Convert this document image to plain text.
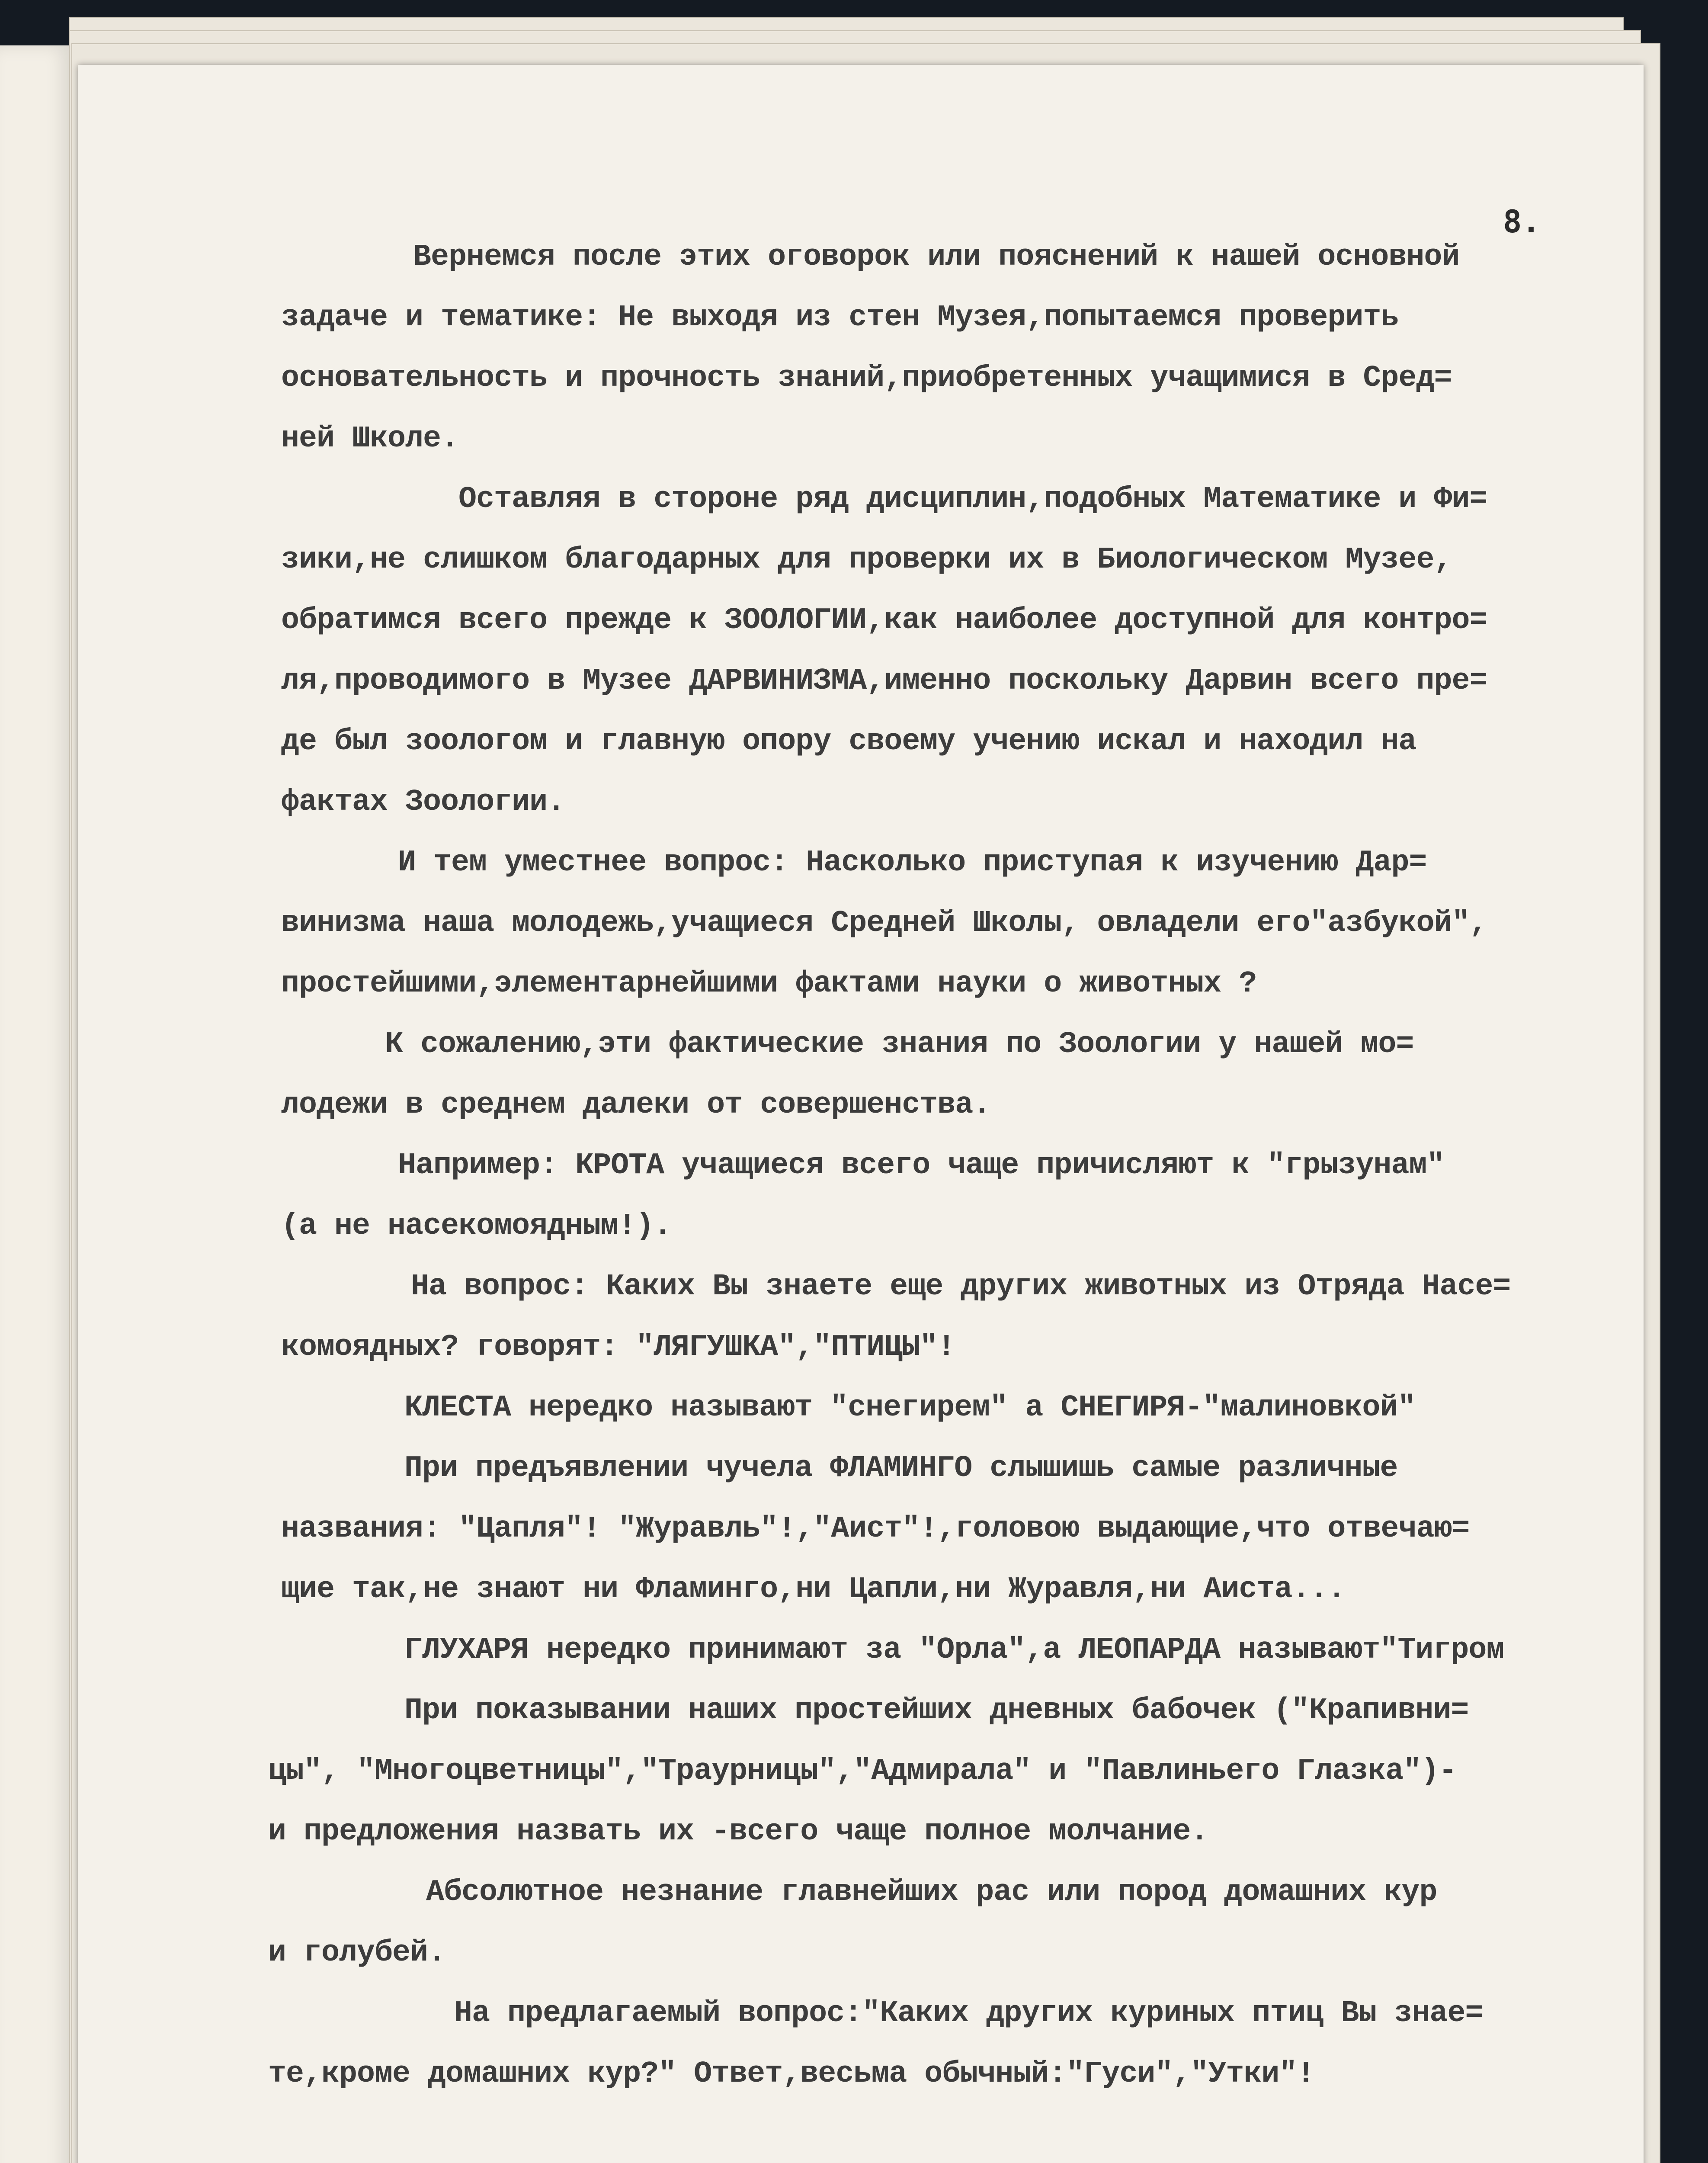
8.
Вернемся после этих оговорок или пояснений к нашей основной
задаче и тематике: Не выходя из стен Музея,попытаемся проверить
основательность и прочность знаний,приобретенных учащимися в Сред=
ней Школе.
Оставляя в стороне ряд дисциплин,подобных Математике и Фи=
зики,не слишком благодарных для проверки их в Биологическом Музее,
обратимся всего прежде к ЗООЛОГИИ,как наиболее доступной для контро=
ля,проводимого в Музее ДАРВИНИЗМА,именно поскольку Дарвин всего пре=
де был зоологом и главную опору своему учению искал и находил на
фактах Зоологии.
И тем уместнее вопрос: Насколько приступая к изучению Дар=
винизма наша молодежь,учащиеся Средней Школы, овладели его"азбукой",
простейшими,элементарнейшими фактами науки о животных ?
К сожалению,эти фактические знания по Зоологии у нашей мо=
лодежи в среднем далеки от совершенства.
Например: КРОТА учащиеся всего чаще причисляют к "грызунам"
(а не насекомоядным!).
На вопрос: Каких Вы знаете еще других животных из Отряда Насе=
комоядных? говорят: "ЛЯГУШКА","ПТИЦЫ"!
КЛЕСТА нередко называют "снегирем" а СНЕГИРЯ-"малиновкой"
При предъявлении чучела ФЛАМИНГО слышишь самые различные
названия: "Цапля"! "Журавль"!,"Аист"!,головою выдающие,что отвечаю=
щие так,не знают ни Фламинго,ни Цапли,ни Журавля,ни Аиста...
ГЛУХАРЯ нередко принимают за "Орла",а ЛЕОПАРДА называют"Тигром
При показывании наших простейших дневных бабочек ("Крапивни=
цы", "Многоцветницы","Траурницы","Адмирала" и "Павлиньего Глазка")-
и предложения назвать их -всего чаще полное молчание.
Абсолютное незнание главнейших рас или пород домашних кур
и голубей.
На предлагаемый вопрос:"Каких других куриных птиц Вы знае=
те,кроме домашних кур?" Ответ,весьма обычный:"Гуси","Утки"!
